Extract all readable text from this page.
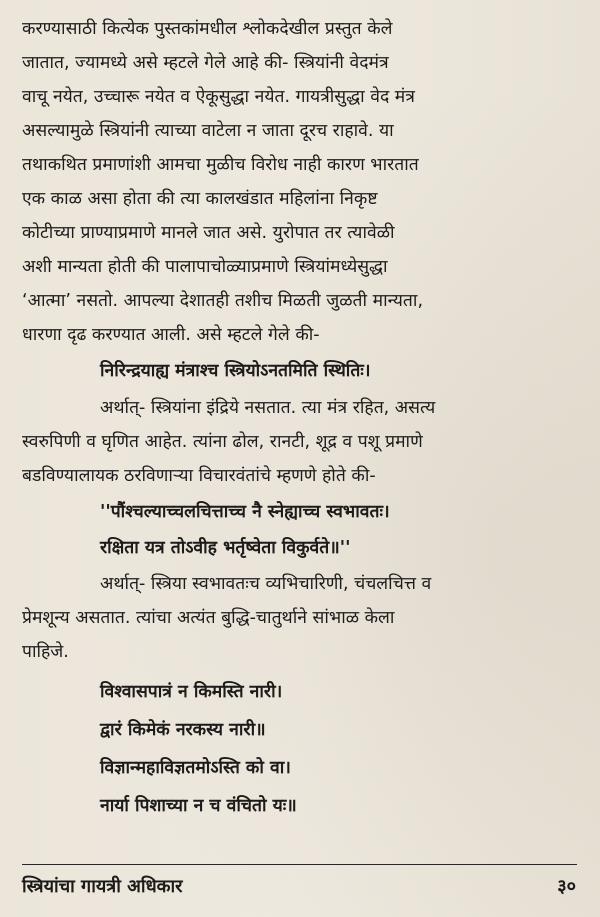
करण्यासाठी कित्येक पुस्तकांमधील श्लोकदेखील प्रस्तुत केले
जातात, ज्यामध्ये असे म्हटले गेले आहे की- स्त्रियांनी वेदमंत्र
वाचू नयेत, उच्चारू नयेत व ऐकूसुद्धा नयेत. गायत्रीसुद्धा वेद मंत्र
असल्यामुळे स्त्रियांनी त्याच्या वाटेला न जाता दूरच राहावे. या
तथाकथित प्रमाणांशी आमचा मुळीच विरोध नाही कारण भारतात
एक काळ असा होता की त्या कालखंडात महिलांना निकृष्ट
कोटीच्या प्राण्याप्रमाणे मानले जात असे. युरोपात तर त्यावेळी
अशी मान्यता होती की पालापाचोळ्याप्रमाणे स्त्रियांमध्येसुद्धा
‘आत्मा’ नसतो. आपल्या देशातही तशीच मिळती जुळती मान्यता,
धारणा दृढ करण्यात आली. असे म्हटले गेले की-
निरिन्द्रयाह्य मंत्राश्च स्त्रियोऽनतमिति स्थितिः।
अर्थात्- स्त्रियांना इंद्रिये नसतात. त्या मंत्र रहित, असत्य
स्वरुपिणी व घृणित आहेत. त्यांना ढोल, रानटी, शूद्र व पशू प्रमाणे
बडविण्यालायक ठरविणाऱ्या विचारवंतांचे म्हणणे होते की-
''पौंश्चल्याच्चलचित्ताच्च नै स्नेह्याच्च स्वभावतः।
रक्षिता यत्र तोऽवीह भर्तृष्वेता विकुर्वते॥''
अर्थात्- स्त्रिया स्वभावतःच व्यभिचारिणी, चंचलचित्त व
प्रेमशून्य असतात. त्यांचा अत्यंत बुद्धि-चातुर्थाने सांभाळ केला
पाहिजे.
विश्वासपात्रं न किमस्ति नारी।
द्वारं किमेकं नरकस्य नारी॥
विज्ञान्महाविज्ञतमोऽस्ति को वा।
नार्या पिशाच्या न च वंचितो यः॥
स्त्रियांचा गायत्री अधिकार	३०
